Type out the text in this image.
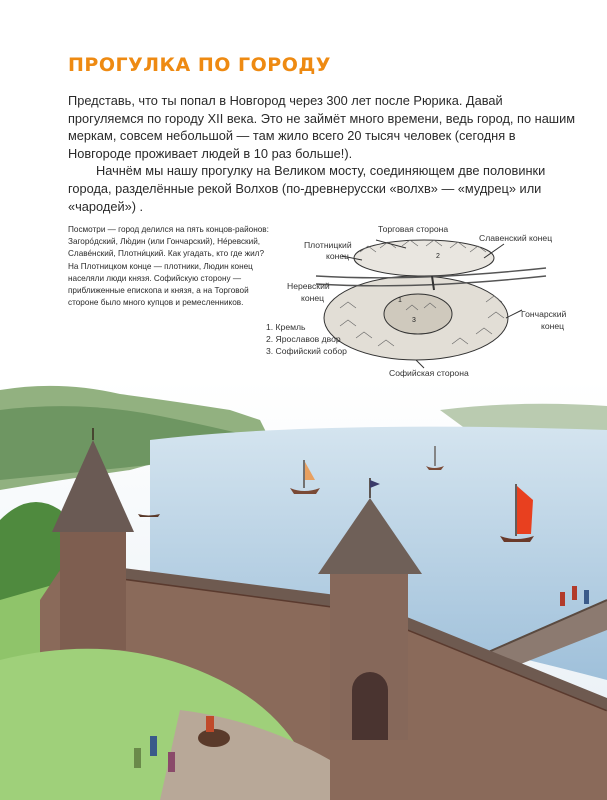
ПРОГУЛКА ПО ГОРОДУ

Представь, что ты попал в Новгород через 300 лет после Рюрика. Давай прогуляемся по городу XII века. Это не займёт много времени, ведь город, по нашим меркам, совсем небольшой — там жило всего 20 тысяч человек (сегодня в Новгороде проживает людей в 10 раз больше!).

Начнём мы нашу прогулку на Великом мосту, соединяющем две половинки города, разделённые рекой Волхов (по-древнерусски «волхв» — «мудрец» или «чародей») .

Посмотри — город делился на пять концов-районов: Загоро́дский, Лю́дин (или Гончарский), Не́ревский, Славе́нский, Плотни́цкий. Как угадать, кто где жил? На Плотницком конце — плотники, Людин конец населяли люди князя. Софийскую сторону — приближенные епископа и князя, а на Торговой стороне было много купцов и ремесленников.	1
2
3
Торговая сторона
Славенский конец
Плотницкий
конец
Неревский
конец
Гончарский
конец
Софийская сторона
1. Кремль
2. Ярославов двор
3. Софийский собор
